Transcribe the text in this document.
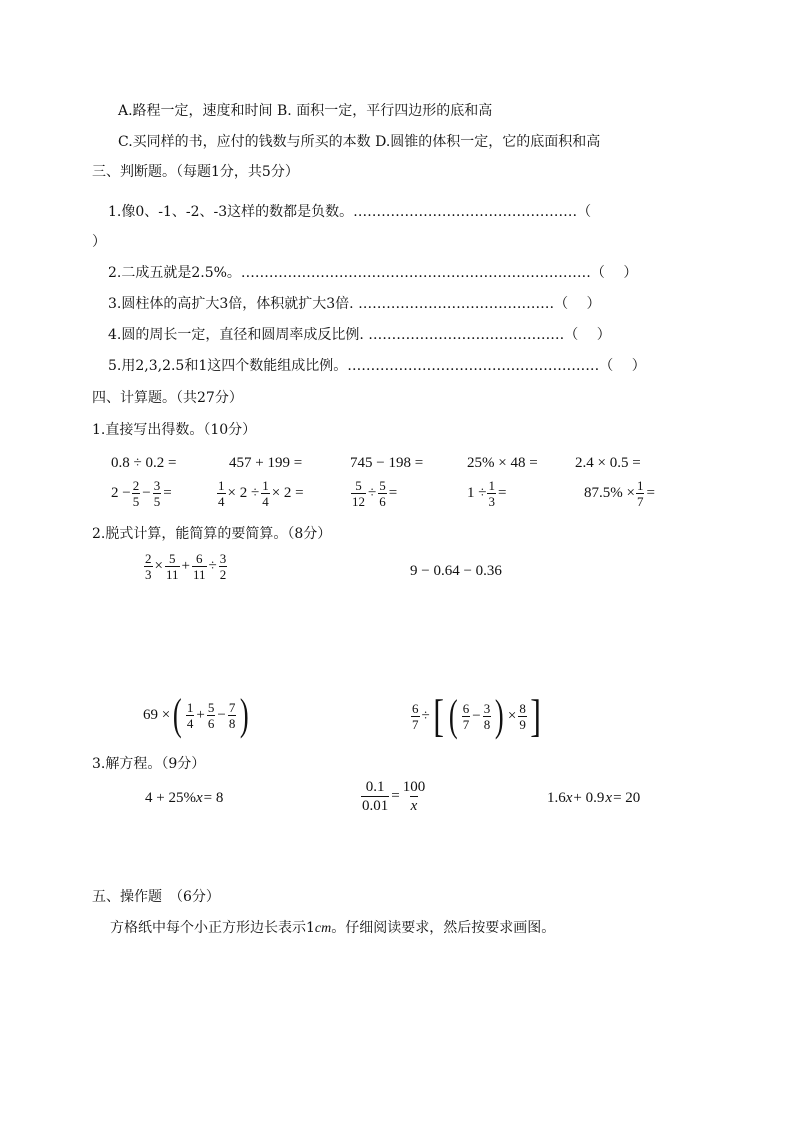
A.路程一定，速度和时间 B. 面积一定，平行四边形的底和高
C.买同样的书，应付的钱数与所买的本数 D.圆锥的体积一定，它的底面积和高
三、判断题。（每题1分，共5分）
1.像0、-1、-2、-3这样的数都是负数。…………………………………………（
）
2.二成五就是2.5%。…………………………………………………………………（　 ）
3.圆柱体的高扩大3倍，体积就扩大3倍. ……………………………………（　 ）
4.圆的周长一定，直径和圆周率成反比例. ……………………………………（　 ）
5.用2,3,2.5和1这四个数能组成比例。………………………………………………（　 ）
四、计算题。（共27分）
1.直接写出得数。（10分）
0.8 ÷ 0.2 =	457 + 199 =	745 − 198 =	25% × 48 = 2.4 × 0.5 =
$2 - \frac{2}{5} - \frac{3}{5}$ =	$\frac{1}{4} \times 2 \div \frac{1}{4} \times 2$ =	$\frac{5}{12} \div \frac{5}{6}$ =	$1 \div \frac{1}{3}$ =	$87.5\% \times \frac{1}{7}$ =
2.脱式计算，能简算的要简算。（8分）
$\frac{2}{3} \times \frac{5}{11} + \frac{6}{11} \div \frac{3}{2}$	9 − 0.64 − 0.36
69 × ( $\frac{1}{4} + \frac{5}{6} - \frac{7}{8}$ )	$\frac{6}{7}$ ÷ [ ( $\frac{6}{7} - \frac{3}{8}$ ) × $\frac{8}{9}$ ]
3.解方程。（9分）
4 + 25% x = 8	$\frac{0.1}{0.01} = \frac{100}{x}$	1.6 x + 0.9 x = 20
五、操作题　（6分）
方格纸中每个小正方形边长表示1cm。仔细阅读要求，然后按要求画图。
